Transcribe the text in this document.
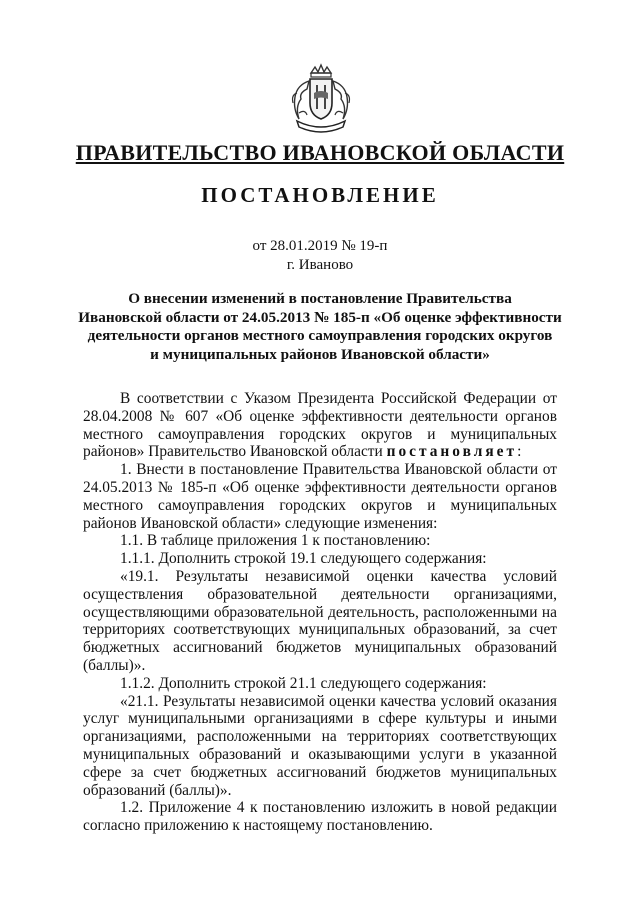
ПРАВИТЕЛЬСТВО ИВАНОВСКОЙ ОБЛАСТИ
ПОСТАНОВЛЕНИЕ
от 28.01.2019 № 19-п
г. Иваново
О внесении изменений в постановление Правительства
Ивановской области от 24.05.2013 № 185-п «Об оценке эффективности
деятельности органов местного самоуправления городских округов
и муниципальных районов Ивановской области»

В соответствии с Указом Президента Российской Федерации от 28.04.2008 № 607 «Об оценке эффективности деятельности органов местного самоуправления городских округов и муниципальных районов» Правительство Ивановской области постановляет:

1. Внести в постановление Правительства Ивановской области от 24.05.2013 № 185-п «Об оценке эффективности деятельности органов местного самоуправления городских округов и муниципальных районов Ивановской области» следующие изменения:

1.1. В таблице приложения 1 к постановлению:

1.1.1. Дополнить строкой 19.1 следующего содержания:

«19.1. Результаты независимой оценки качества условий осуществления образовательной деятельности организациями, осуществляющими образовательной деятельность, расположенными на территориях соответствующих муниципальных образований, за счет бюджетных ассигнований бюджетов муниципальных образований (баллы)».

1.1.2. Дополнить строкой 21.1 следующего содержания:

«21.1. Результаты независимой оценки качества условий оказания услуг муниципальными организациями в сфере культуры и иными организациями, расположенными на территориях соответствующих муниципальных образований и оказывающими услуги в указанной сфере за счет бюджетных ассигнований бюджетов муниципальных образований (баллы)».

1.2. Приложение 4 к постановлению изложить в новой редакции согласно приложению к настоящему постановлению.
